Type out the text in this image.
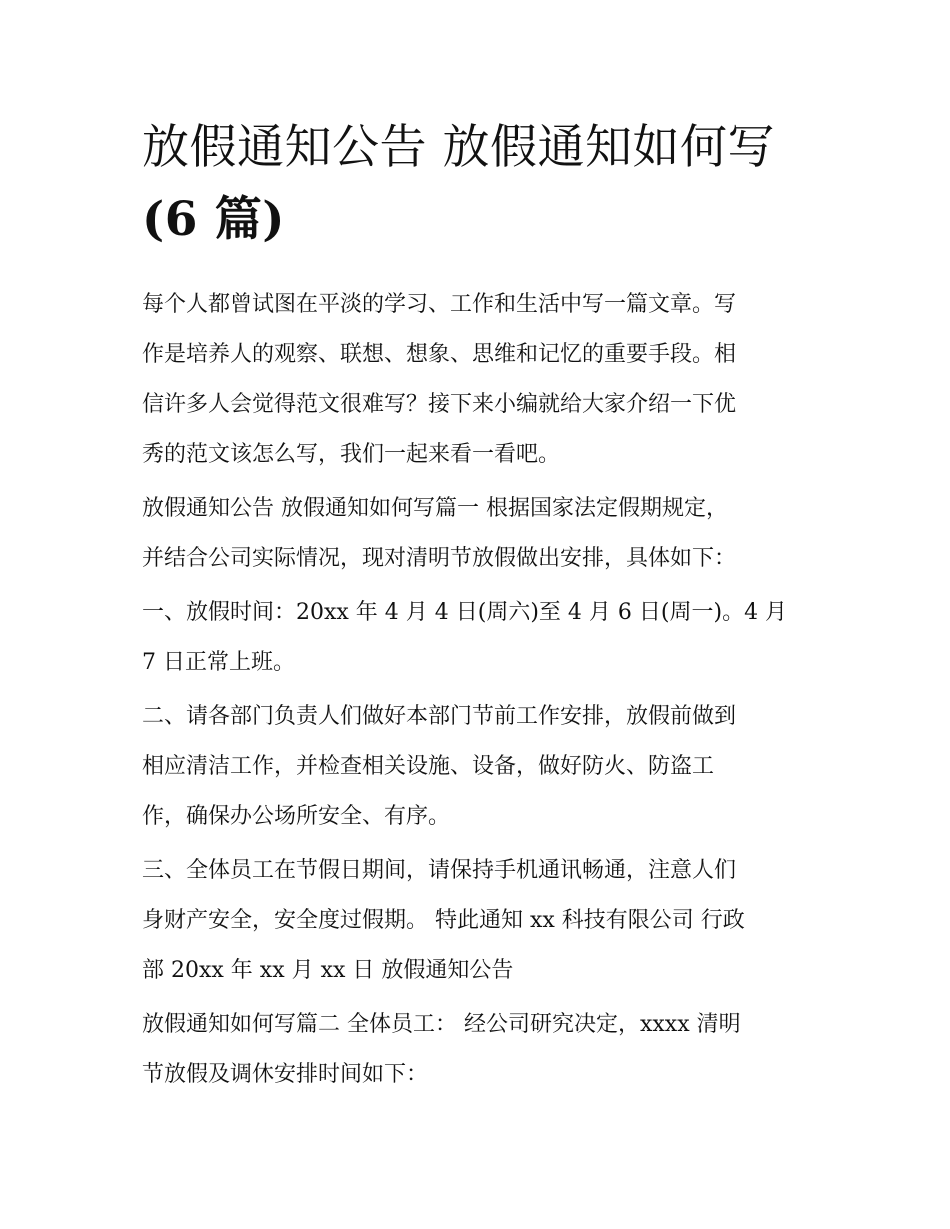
放假通知公告 放假通知如何写
(6 篇)
每个人都曾试图在平淡的学习、工作和生活中写一篇文章。写
作是培养人的观察、联想、想象、思维和记忆的重要手段。相
信许多人会觉得范文很难写？接下来小编就给大家介绍一下优
秀的范文该怎么写，我们一起来看一看吧。
放假通知公告 放假通知如何写篇一 根据国家法定假期规定，
并结合公司实际情况，现对清明节放假做出安排，具体如下：
一、放假时间：20xx 年 4 月 4 日(周六)至 4 月 6 日(周一)。4 月
7 日正常上班。
二、请各部门负责人们做好本部门节前工作安排，放假前做到
相应清洁工作，并检查相关设施、设备，做好防火、防盗工
作，确保办公场所安全、有序。
三、全体员工在节假日期间，请保持手机通讯畅通，注意人们
身财产安全，安全度过假期。 特此通知 xx 科技有限公司 行政
部 20xx 年 xx 月 xx 日 放假通知公告
放假通知如何写篇二 全体员工： 经公司研究决定，xxxx 清明
节放假及调休安排时间如下：
